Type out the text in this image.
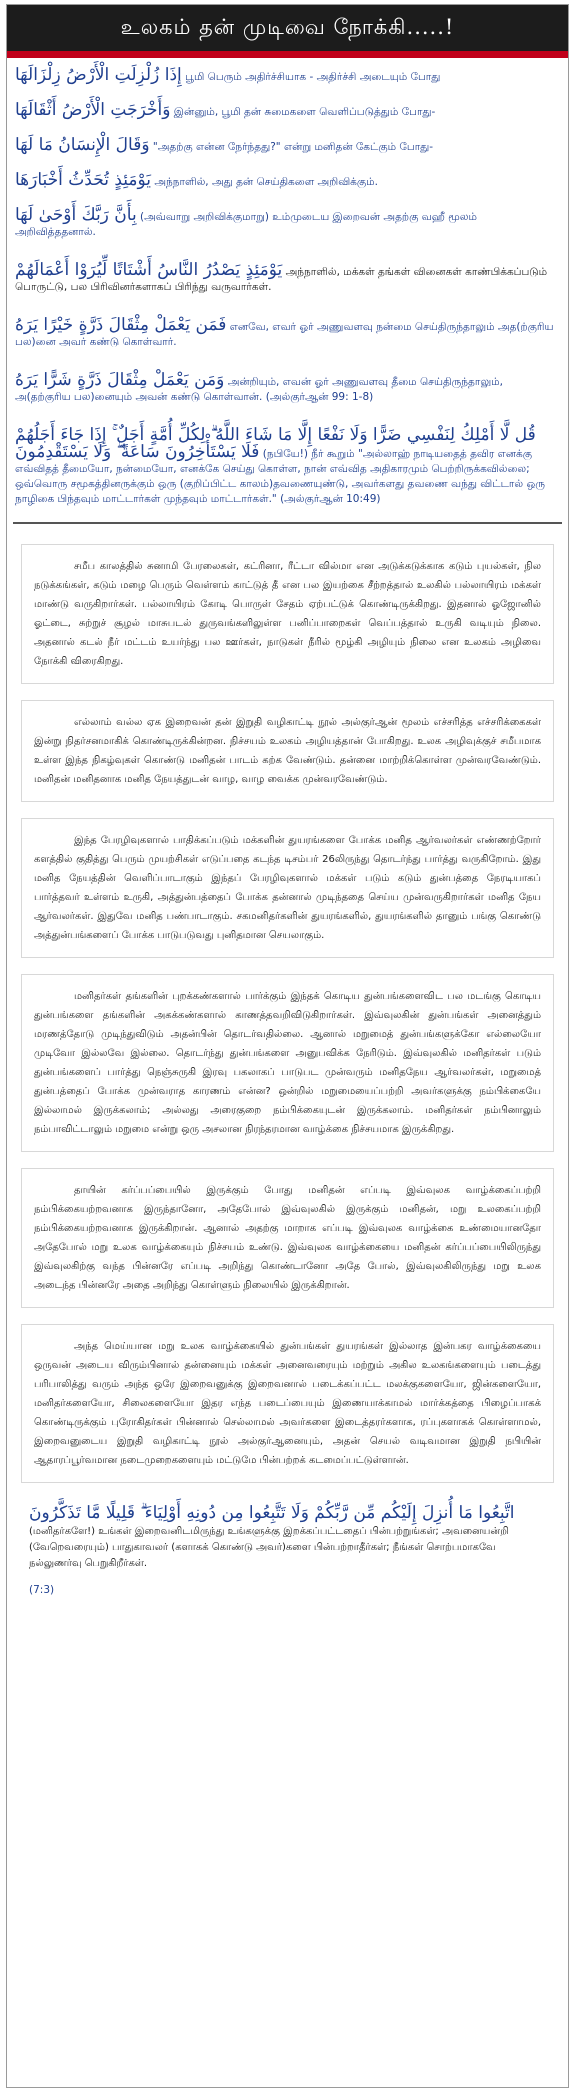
உலகம் தன் முடிவை நோக்கி.....!
إِذَا زُلْزِلَتِ الْأَرْضُ زِلْزَالَهَا பூமி பெரும் அதிர்ச்சியாக - அதிர்ச்சி அடையும் போது
وَأَخْرَجَتِ الْأَرْضُ أَثْقَالَهَا இன்னும், பூமி தன் சுமைகளை வெளிப்படுத்தும் போது-
وَقَالَ الْإِنسَانُ مَا لَهَا "அதற்கு என்ன நேர்ந்தது?" என்று மனிதன் கேட்கும் போது-
يَوْمَئِذٍ تُحَدِّثُ أَخْبَارَهَا அந்நாளில், அது தன் செய்திகளை அறிவிக்கும்.
بِأَنَّ رَبَّكَ أَوْحَىٰ لَهَا (அவ்வாறு அறிவிக்குமாறு) உம்முடைய இறைவன் அதற்கு வஹீ மூலம் அறிவித்ததனால்.
يَوْمَئِذٍ يَصْدُرُ النَّاسُ أَشْتَاتًا لِّيُرَوْا أَعْمَالَهُمْ அந்நாளில், மக்கள் தங்கள் வினைகள் காண்பிக்கப்படும் பொருட்டு, பல பிரிவினர்களாகப் பிரிந்து வருவார்கள்.
فَمَن يَعْمَلْ مِثْقَالَ ذَرَّةٍ خَيْرًا يَرَهُ எனவே, எவர் ஓர் அணுவளவு நன்மை செய்திருந்தாலும் அத(ற்குரிய பல)னை அவர் கண்டு கொள்வார்.
وَمَن يَعْمَلْ مِثْقَالَ ذَرَّةٍ شَرًّا يَرَهُ அன்றியும், எவன் ஓர் அணுவளவு தீமை செய்திருந்தாலும், அ(தற்குரிய பல)னையும் அவன் கண்டு கொள்வான். (அல்குர்ஆன் 99: 1-8)
قُل لَّا أَمْلِكُ لِنَفْسِي ضَرًّا وَلَا نَفْعًا إِلَّا مَا شَاءَ اللَّهُ ۗ لِكُلِّ أُمَّةٍ أَجَلٌ ۚ إِذَا جَاءَ أَجَلُهُمْ فَلَا يَسْتَأْخِرُونَ سَاعَةً ۖ وَلَا يَسْتَقْدِمُونَ (நபியே!) நீர் கூறும் "அல்லாஹ் நாடியதைத் தவிர எனக்கு எவ்விதத் தீமையோ, நன்மையோ, எனக்கே செய்து கொள்ள, நான் எவ்வித அதிகாரமும் பெற்றிருக்கவில்லை; ஒவ்வொரு சமூகத்தினருக்கும் ஒரு (குறிப்பிட்ட காலம்)தவணையுண்டு, அவர்களது தவணை வந்து விட்டால் ஒரு நாழிகை பிந்தவும் மாட்டார்கள் முந்தவும் மாட்டார்கள்." (அல்குர்ஆன் 10:49)
சமீப காலத்தில் சுனாமி பேரலைகள், கட்ரினா, ரீட்டா வில்மா என அடுக்கடுக்காக கடும் புயல்கள், நில நடுக்கங்கள், கடும் மழை பெரும் வெள்ளம் காட்டுத் தீ என பல இயற்கை சீற்றத்தால் உலகில் பல்லாயிரம் மக்கள் மாண்டு வருகிறார்கள். பல்லாயிரம் கோடி பொருள் சேதம் ஏற்பட்டுக் கொண்டிருக்கிறது. இதனால் ஓஜோனில் ஓட்டை, சுற்றுச் சூழல் மாசுபடல் துருவங்களிலுள்ள பனிப்பாறைகள் வெப்பத்தால் உருகி வடியும் நிலை. அதனால் கடல் நீர் மட்டம் உயர்ந்து பல ஊர்கள், நாடுகள் நீரில் மூழ்கி அழியும் நிலை என உலகம் அழிவை நோக்கி விரைகிறது.
எல்லாம் வல்ல ஏக இறைவன் தன் இறுதி வழிகாட்டி நூல் அல்குர்ஆன் மூலம் எச்சரித்த எச்சரிக்கைகள் இன்று நிதர்சனமாகிக் கொண்டிருக்கின்றன. நிச்சயம் உலகம் அழியத்தான் போகிறது. உலக அழிவுக்குச் சமீபமாக உள்ள இந்த நிகழ்வுகள் கொண்டு மனிதன் பாடம் கற்க வேண்டும். தன்னை மாற்றிக்கொள்ள முன்வரவேண்டும். மனிதன் மனிதனாக மனித நேயத்துடன் வாழ, வாழ வைக்க முன்வரவேண்டும்.
இந்த பேரழிவுகளால் பாதிக்கப்படும் மக்களின் துயரங்களை போக்க மனித ஆர்வலர்கள் எண்ணற்றோர் களத்தில் குதித்து பெரும் முயற்சிகள் எடுப்பதை கடந்த டிசம்பர் 26லிருந்து தொடர்ந்து பார்த்து வருகிறோம். இது மனித நேயத்தின் வெளிப்பாடாகும் இந்தப் பேரழிவுகளால் மக்கள் படும் கடும் துன்பத்தை நேரடியாகப் பார்த்தவர் உள்ளம் உருகி, அத்துன்பத்தைப் போக்க தன்னால் முடிந்ததை செய்ய முன்வருகிறார்கள் மனித நேய ஆர்வலர்கள். இதுவே மனித பண்பாடாகும். சகமனிதர்களின் துயரங்களில், துயரங்களில் தானும் பங்கு கொண்டு அத்துன்பங்களைப் போக்க பாடுபடுவது புனிதமான செயலாகும்.
மனிதர்கள் தங்களின் புறக்கண்களால் பார்க்கும் இந்தக் கொடிய துன்பங்களைவிட பல மடங்கு கொடிய துன்பங்களை தங்களின் அகக்கண்களால் காணத்தவறிவிடுகிறார்கள். இவ்வுலகின் துன்பங்கள் அனைத்தும் மரணத்தோடு முடிந்துவிடும் அதன்பின் தொடர்வதில்லை. ஆனால் மறுமைத் துன்பங்களுக்கோ எல்லையோ முடிவோ இல்லவே இல்லை. தொடர்ந்து துன்பங்களை அனுபவிக்க நேரிடும். இவ்வுலகில் மனிதர்கள் படும் துன்பங்களைப் பார்த்து நெஞ்சுருகி இரவு பகலாகப் பாடுபட முன்வரும் மனிதநேய ஆர்வலர்கள், மறுமைத் துன்பத்தைப் போக்க முன்வராத காரணம் என்ன? ஒன்றில் மறுமையைப்பற்றி அவர்களுக்கு நம்பிக்கையே இல்லாமல் இருக்கலாம்; அல்லது அரைகுறை நம்பிக்கையுடன் இருக்கலாம். மனிதர்கள் நம்பினாலும் நம்பாவிட்டாலும் மறுமை என்று ஒரு அசலான நிரந்தரமான வாழ்க்கை நிச்சயமாக இருக்கிறது.
தாயின் கர்ப்பப்பையில் இருக்கும் போது மனிதன் எப்படி இவ்வுலக வாழ்க்கைப்பற்றி நம்பிக்கையற்றவனாக இருந்தானோ, அதேபோல் இவ்வுலகில் இருக்கும் மனிதன், மறு உலகைப்பற்றி நம்பிக்கையற்றவனாக இருக்கிறான். ஆனால் அதற்கு மாறாக எப்படி இவ்வுலக வாழ்க்கை உண்மையானதோ அதேபோல் மறு உலக வாழ்க்கையும் நிச்சயம் உண்டு. இவ்வுலக வாழ்க்கையை மனிதன் கர்ப்பப்பையிலிருந்து இவ்வுலகிற்கு வந்த பின்னரே எப்படி அறிந்து கொண்டானோ அதே போல், இவ்வுலகிலிருந்து மறு உலக அடைந்த பின்னரே அதை அறிந்து கொள்ளும் நிலையில் இருக்கிறான்.
அந்த மெய்யான மறு உலக வாழ்க்கையில் துன்பங்கள் துயரங்கள் இல்லாத இன்பகர வாழ்க்கையை ஒருவன் அடைய விரும்பினால் தன்னையும் மக்கள் அனைவரையும் மற்றும் அகில உலகங்களையும் படைத்து பரிபாலித்து வரும் அந்த ஒரே இறைவனுக்கு இறைவனால் படைக்கப்பட்ட மலக்குகளையோ, ஜின்களையோ, மனிதர்களையோ, சிலைகளையோ இதர எந்த படைப்பையும் இணையாக்காமல் மார்க்கத்தை பிழைப்பாகக் கொண்டிருக்கும் புரோகிதர்கள் பின்னால் செல்லாமல் அவர்களை இடைத்தரர்களாக, ரப்புகளாகக் கொள்ளாமல், இறைவனுடைய இறுதி வழிகாட்டி நூல் அல்குர்ஆனையும், அதன் செயல் வடிவமான இறுதி நபியின் ஆதாரப்பூர்வமான நடைமுறைகளையும் மட்டுமே பின்பற்றக் கடமைப்பட்டுள்ளான்.
اتَّبِعُوا مَا أُنزِلَ إِلَيْكُم مِّن رَّبِّكُمْ وَلَا تَتَّبِعُوا مِن دُونِهِ أَوْلِيَاءَ ۗ قَلِيلًا مَّا تَذَكَّرُونَ (மனிதர்களே!) உங்கள் இறைவனிடமிருந்து உங்களுக்கு இறக்கப்பட்டதைப் பின்பற்றுங்கள்; அவனையன்றி (வேறெவரையும்) பாதுகாவலர் (களாகக் கொண்டு அவர்)களை பின்பற்றாதீர்கள்; நீங்கள் சொற்பமாகவே நல்லுணர்வு பெறுகிறீர்கள்.
(7:3)
